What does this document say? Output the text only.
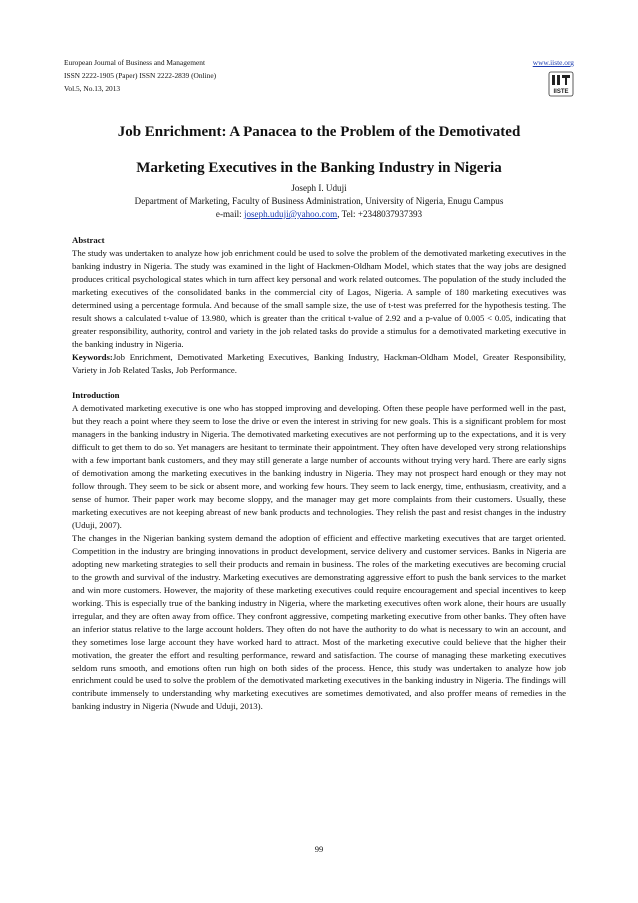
European Journal of Business and Management
ISSN 2222-1905 (Paper) ISSN 2222-2839 (Online)
Vol.5, No.13, 2013
www.iiste.org
IISTE
Job Enrichment: A Panacea to the Problem of the Demotivated
Marketing Executives in the Banking Industry in Nigeria
Joseph I. Uduji
Department of Marketing, Faculty of Business Administration, University of Nigeria, Enugu Campus
e-mail: joseph.uduji@yahoo.com, Tel: +2348037937393

Abstract

The study was undertaken to analyze how job enrichment could be used to solve the problem of the demotivated marketing executives in the banking industry in Nigeria. The study was examined in the light of Hackmen-Oldham Model, which states that the way jobs are designed produces critical psychological states which in turn affect key personal and work related outcomes. The population of the study included the marketing executives of the consolidated banks in the commercial city of Lagos, Nigeria. A sample of 180 marketing executives was determined using a percentage formula. And because of the small sample size, the use of t-test was preferred for the hypothesis testing. The result shows a calculated t-value of 13.980, which is greater than the critical t-value of 2.92 and a p-value of 0.005 < 0.05, indicating that greater responsibility, authority, control and variety in the job related tasks do provide a stimulus for a demotivated marketing executive in the banking industry in Nigeria.

Keywords:Job Enrichment, Demotivated Marketing Executives, Banking Industry, Hackman-Oldham Model, Greater Responsibility, Variety in Job Related Tasks, Job Performance.

Introduction

A demotivated marketing executive is one who has stopped improving and developing. Often these people have performed well in the past, but they reach a point where they seem to lose the drive or even the interest in striving for new goals. This is a significant problem for most managers in the banking industry in Nigeria. The demotivated marketing executives are not performing up to the expectations, and it is very difficult to get them to do so. Yet managers are hesitant to terminate their appointment. They often have developed very strong relationships with a few important bank customers, and they may still generate a large number of accounts without trying very hard. There are early signs of demotivation among the marketing executives in the banking industry in Nigeria. They may not prospect hard enough or they may not follow through. They seem to be sick or absent more, and working few hours. They seem to lack energy, time, enthusiasm, creativity, and a sense of humor. Their paper work may become sloppy, and the manager may get more complaints from their customers. Usually, these marketing executives are not keeping abreast of new bank products and technologies. They relish the past and resist changes in the industry (Uduji, 2007).

The changes in the Nigerian banking system demand the adoption of efficient and effective marketing executives that are target oriented. Competition in the industry are bringing innovations in product development, service delivery and customer services. Banks in Nigeria are adopting new marketing strategies to sell their products and remain in business. The roles of the marketing executives are becoming crucial to the growth and survival of the industry. Marketing executives are demonstrating aggressive effort to push the bank services to the market and win more customers. However, the majority of these marketing executives could require encouragement and special incentives to keep working. This is especially true of the banking industry in Nigeria, where the marketing executives often work alone, their hours are usually irregular, and they are often away from office. They confront aggressive, competing marketing executive from other banks. They often have an inferior status relative to the large account holders. They often do not have the authority to do what is necessary to win an account, and they sometimes lose large account they have worked hard to attract. Most of the marketing executive could believe that the higher their motivation, the greater the effort and resulting performance, reward and satisfaction. The course of managing these marketing executives seldom runs smooth, and emotions often run high on both sides of the process. Hence, this study was undertaken to analyze how job enrichment could be used to solve the problem of the demotivated marketing executives in the banking industry in Nigeria. The findings will contribute immensely to understanding why marketing executives are sometimes demotivated, and also proffer means of remedies in the banking industry in Nigeria (Nwude and Uduji, 2013).

99
